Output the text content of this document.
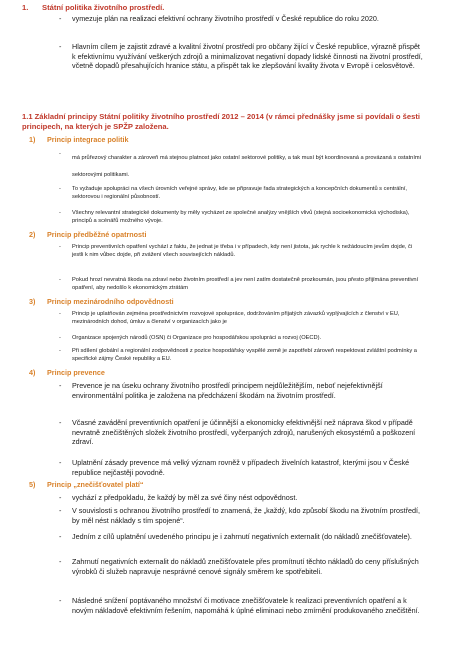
1. Státní politika životního prostředí.
- vymezuje plán na realizaci efektivní ochrany životního prostředí v České republice do roku 2020.
- Hlavním cílem je zajistit zdravé a kvalitní životní prostředí pro občany žijící v České republice, výrazně přispět k efektivnímu využívání veškerých zdrojů a minimalizovat negativní dopady lidské činnosti na životní prostředí, včetně dopadů přesahujících hranice státu, a přispět tak ke zlepšování kvality života v Evropě i celosvětově.
1.1 Základní principy Státní politiky životního prostředí 2012 – 2014 (v rámci přednášky jsme si povídali o šesti principech, na kterých je SPŽP založena.
1) Princip integrace politik
-
má průřezový charakter a zároveň má stejnou platnost jako ostatní sektorové politiky, a tak musí být koordinovaná a provázaná s ostatními sektorovými politikami.
- To vyžaduje spolupráci na všech úrovních veřejné správy, kde se připravuje řada strategických a koncepčních dokumentů s centrální, sektorovou i regionální působností.
- Všechny relevantní strategické dokumenty by měly vycházet ze společné analýzy vnějších vlivů (stejná socioekonomická východiska), principů a scénářů možného vývoje.
2) Princip předběžné opatrnosti
- Princip preventivních opatření vychází z faktu, že jednat je třeba i v případech, kdy není jistota, jak rychle k nežádoucím jevům dojde, či jestli k nim vůbec dojde, při zvážení všech souvisejících nákladů.
- Pokud hrozí nevratná škoda na zdraví nebo životním prostředí a jev není zatím dostatečně prozkoumán, jsou přesto přijímána preventivní opatření, aby nedošlo k ekonomickým ztrátám
3) Princip mezinárodního odpovědnosti
- Princip je uplatňován zejména prostřednictvím rozvojové spolupráce, dodržováním přijatých závazků vyplývajících z členství v EU, mezinárodních dohod, úmluv a členství v organizacích jako je
- Organizace spojených národů (OSN) či Organizace pro hospodářskou spolupráci a rozvoj (OECD).
- Při sdílení globální a regionální zodpovědnosti z pozice hospodářsky vyspělé země je zapotřebí zároveň respektovat zvláštní podmínky a specifické zájmy České republiky a EU.
4) Princip prevence
- Prevence je na úseku ochrany životního prostředí principem nejdůležitějším, neboť nejefektivnější environmentální politika je založena na předcházení škodám na životním prostředí.
- Včasné zavádění preventivních opatření je účinnější a ekonomicky efektivnější než náprava škod v případě nevratně znečištěných složek životního prostředí, vyčerpaných zdrojů, narušených ekosystémů a poškození zdraví.
- Uplatnění zásady prevence má velký význam rovněž v případech živelních katastrof, kterými jsou v České republice nejčastěji povodně.
5) Princip „znečišťovatel platí“
- vychází z předpokladu, že každý by měl za své činy nést odpovědnost.
- V souvislosti s ochranou životního prostředí to znamená, že „každý, kdo způsobí škodu na životním prostředí, by měl nést náklady s tím spojené“.
- Jedním z cílů uplatnění uvedeného principu je i zahrnutí negativních externalit (do nákladů znečišťovatele).
- Zahrnutí negativních externalit do nákladů znečišťovatele přes promítnutí těchto nákladů do ceny příslušných výrobků či služeb napravuje nesprávné cenové signály směrem ke spotřebiteli.
- Následné snížení poptávaného množství či motivace znečišťovatele k realizaci preventivních opatření a k novým nákladově efektivním řešením, napomáhá k úplné eliminaci nebo zmírnění produkovaného znečištění.
